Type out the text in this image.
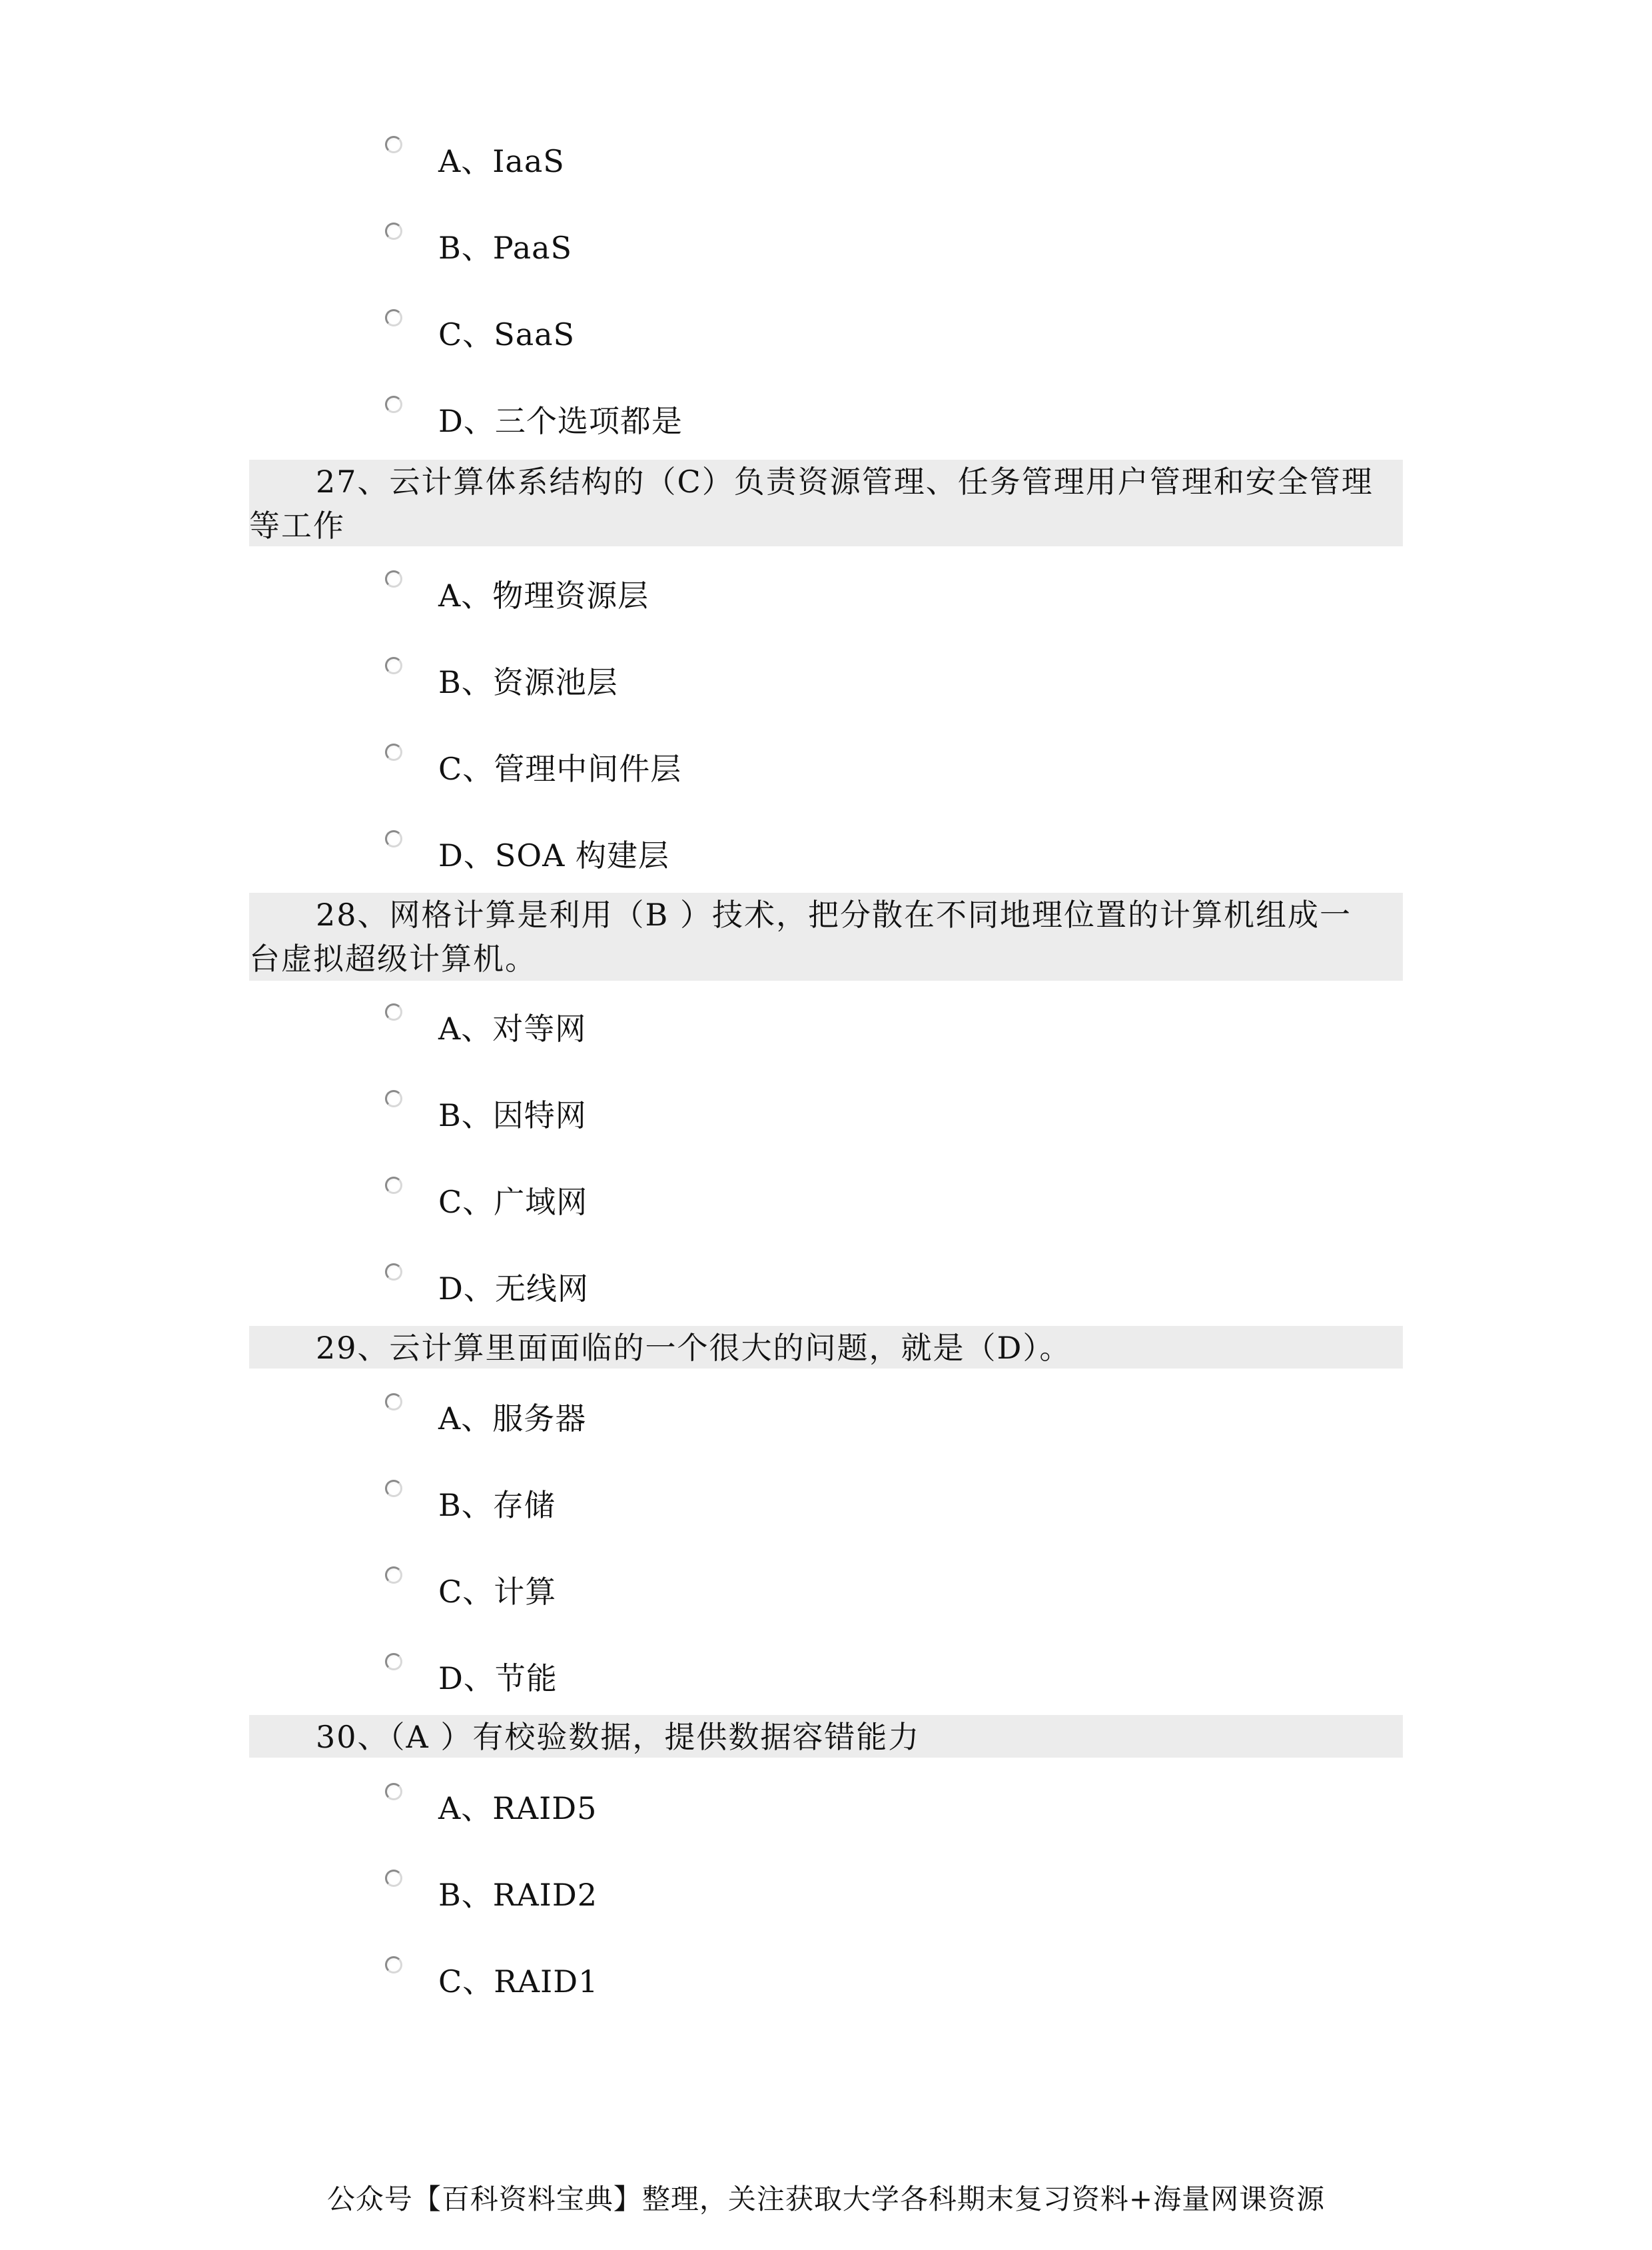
A、IaaS
B、PaaS
C、SaaS
D、三个选项都是
27、云计算体系结构的（C）负责资源管理、任务管理用户管理和安全管理
等工作
A、物理资源层
B、资源池层
C、管理中间件层
D、SOA 构建层
28、网格计算是利用（B ）技术，把分散在不同地理位置的计算机组成一
台虚拟超级计算机。
A、对等网
B、因特网
C、广域网
D、无线网
29、云计算里面面临的一个很大的问题，就是（D）。
A、服务器
B、存储
C、计算
D、节能
30、（A ）有校验数据，提供数据容错能力
A、RAID5
B、RAID2
C、RAID1
公众号【百科资料宝典】整理，关注获取大学各科期末复习资料+海量网课资源
